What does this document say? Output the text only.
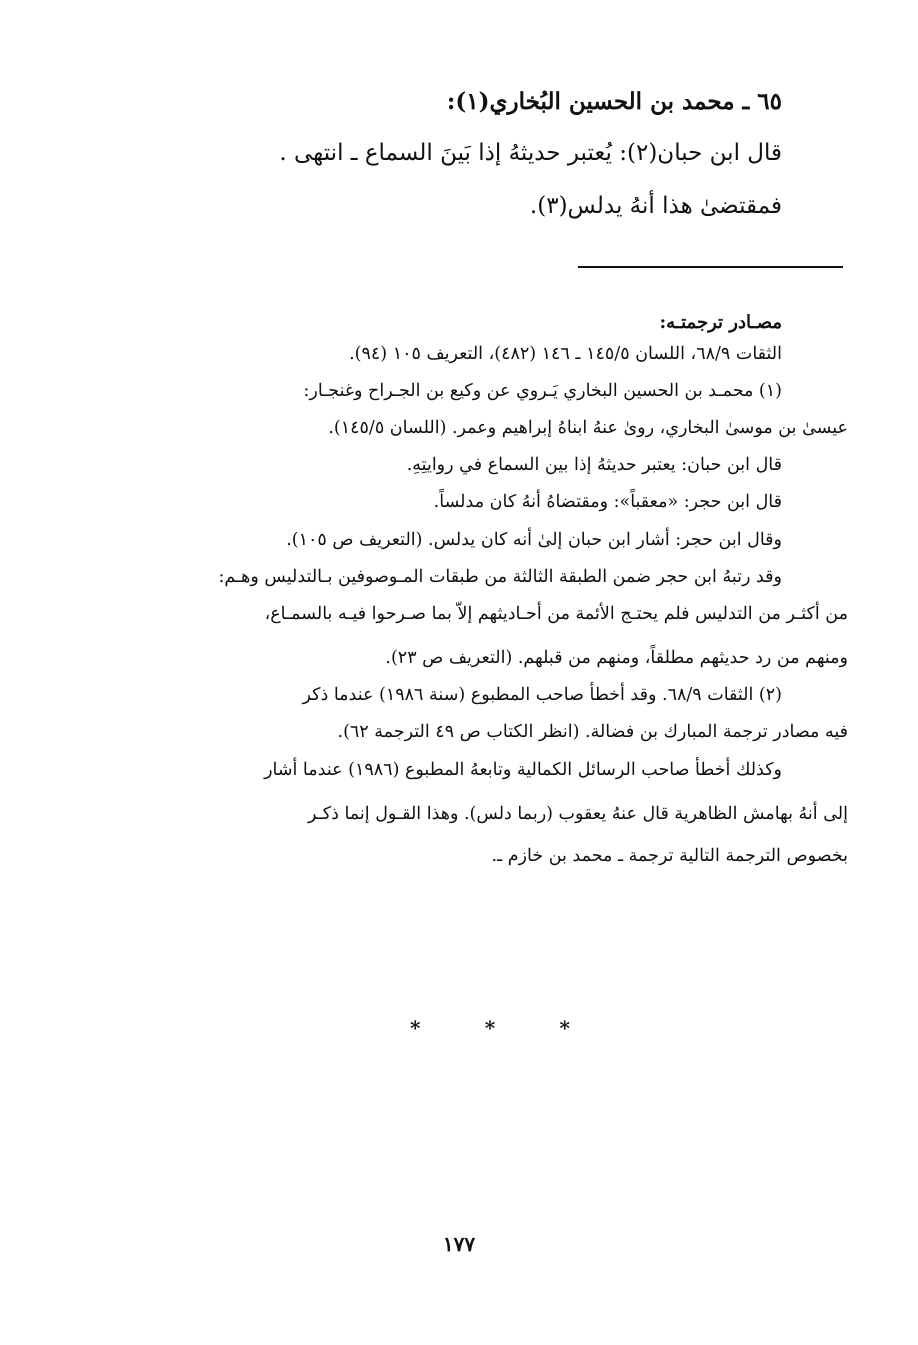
٦٥ ـ محمد بن الحسين البُخاري(١):
قال ابن حبان(٢): يُعتبر حديثهُ إذا بَينَ السماع ـ انتهى .
فمقتضىٰ هذا أنهُ يدلس(٣).
مصـادر ترجمتـه:
الثقات ٦٨/٩، اللسان ١٤٥/٥ ـ ١٤٦ (٤٨٢)، التعريف ١٠٥ (٩٤).
(١) محمـد بن الحسين البخاري يَـروي عن وكيع بن الجـراح وغنجـار:
عيسىٰ بن موسىٰ البخاري، روىٰ عنهُ ابناهُ إبراهيم وعمر. (اللسان ١٤٥/٥).
قال ابن حبان: يعتبر حديثهُ إذا بين السماع في روايتِهِ.
قال ابن حجر: «معقباً»: ومقتضاهُ أنهُ كان مدلساً.
وقال ابن حجر: أشار ابن حبان إلىٰ أنه كان يدلس. (التعريف ص ١٠٥).
وقد رتبهُ ابن حجر ضمن الطبقة الثالثة من طبقات المـوصوفين بـالتدليس وهـم:
من أكثـر من التدليس فلم يحتـج الأئمة من أحـاديثهم إلاّ بما صـرحوا فيـه بالسمـاع،
ومنهم من رد حديثهم مطلقاً، ومنهم من قبلهم. (التعريف ص ٢٣).
(٢) الثقات ٦٨/٩. وقد أخطأ صاحب المطبوع (سنة ١٩٨٦) عندما ذكر
فيه مصادر ترجمة المبارك بن فضالة. (انظر الكتاب ص ٤٩ الترجمة ٦٢).
وكذلك أخطأ صاحب الرسائل الكمالية وتابعهُ المطبوع (١٩٨٦) عندما أشار
إلى أنهُ بهامش الظاهرية قال عنهُ يعقوب (ربما دلس). وهذا القـول إنما ذكـر
بخصوص الترجمة التالية ترجمة ـ محمد بن خازم ـ.
*
*
*
١٧٧
